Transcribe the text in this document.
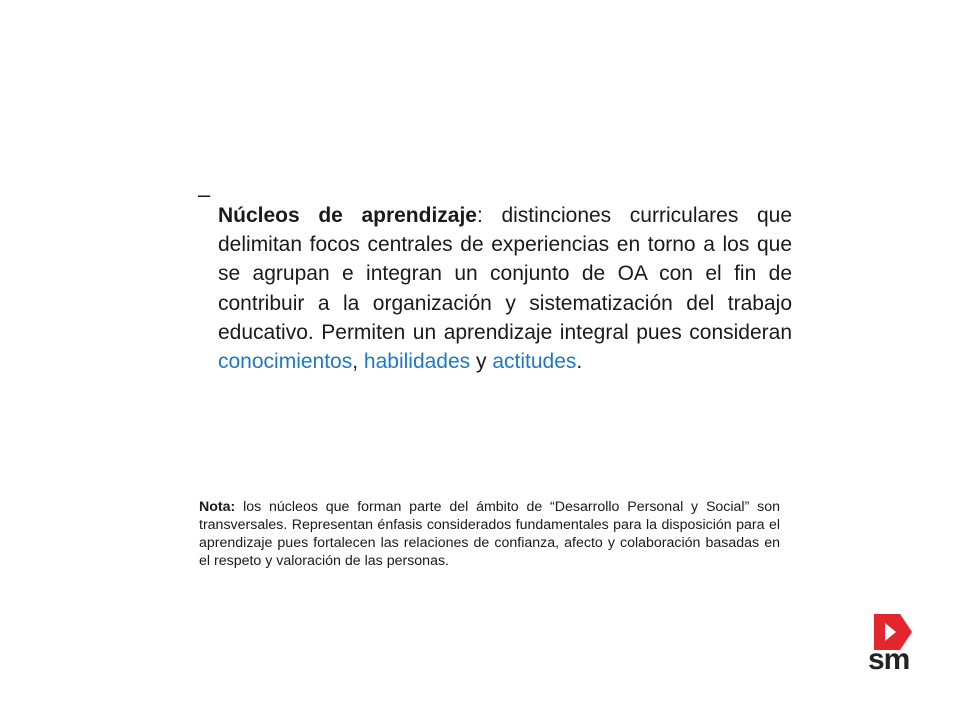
–

Núcleos de aprendizaje: distinciones curriculares que delimitan focos centrales de experiencias en torno a los que se agrupan e integran un conjunto de OA con el fin de contribuir a la organización y sistematización del trabajo educativo. Permiten un aprendizaje integral pues consideran conocimientos, habilidades y actitudes.

Nota: los núcleos que forman parte del ámbito de “Desarrollo Personal y Social” son transversales. Representan énfasis considerados fundamentales para la disposición para el aprendizaje pues fortalecen las relaciones de confianza, afecto y colaboración basadas en el respeto y valoración de las personas.

sm
